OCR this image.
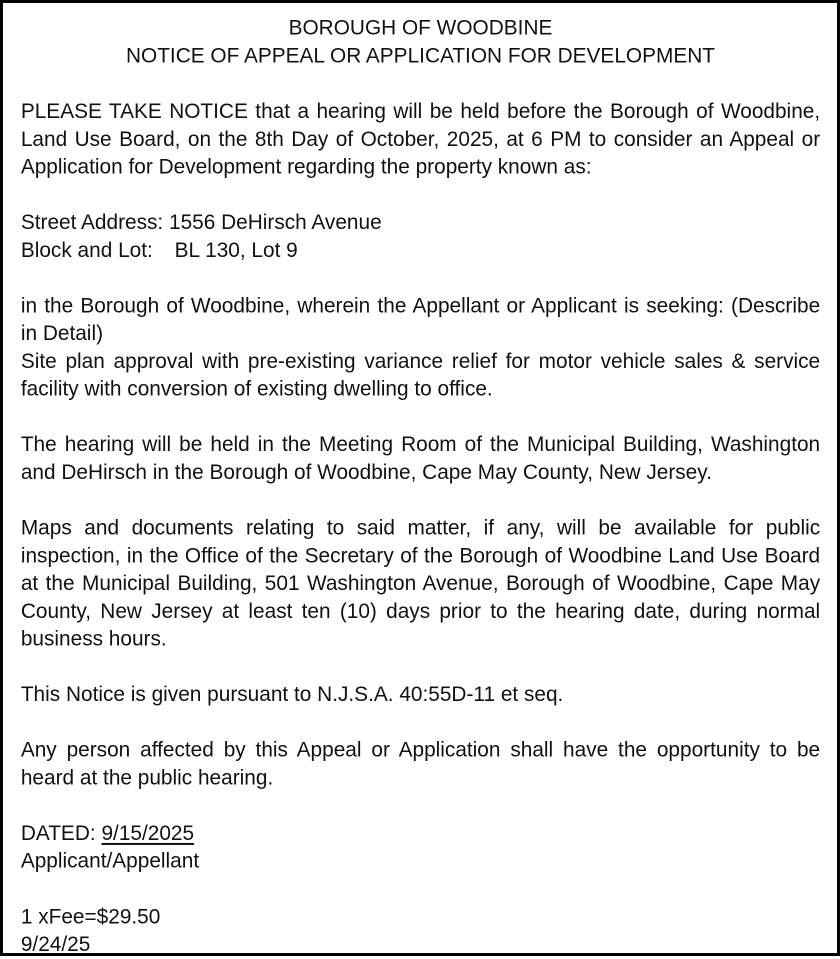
BOROUGH OF WOODBINE
NOTICE OF APPEAL OR APPLICATION FOR DEVELOPMENT

PLEASE TAKE NOTICE that a hearing will be held before the Borough of Woodbine, Land Use Board, on the 8th Day of October, 2025, at 6 PM to consider an Appeal or Application for Development regarding the property known as:

Street Address: 1556 DeHirsch Avenue
Block and Lot: BL 130, Lot 9

in the Borough of Woodbine, wherein the Appellant or Applicant is seeking: (Describe in Detail)

Site plan approval with pre-existing variance relief for motor vehicle sales & service facility with conversion of existing dwelling to office.

The hearing will be held in the Meeting Room of the Municipal Building, Washington and DeHirsch in the Borough of Woodbine, Cape May County, New Jersey.

Maps and documents relating to said matter, if any, will be available for public inspection, in the Office of the Secretary of the Borough of Woodbine Land Use Board at the Municipal Building, 501 Washington Avenue, Borough of Woodbine, Cape May County, New Jersey at least ten (10) days prior to the hearing date, during normal business hours.

This Notice is given pursuant to N.J.S.A. 40:55D-11 et seq.

Any person affected by this Appeal or Application shall have the opportunity to be heard at the public hearing.

DATED: 9/15/2025
Applicant/Appellant
1 xFee=$29.50
9/24/25
